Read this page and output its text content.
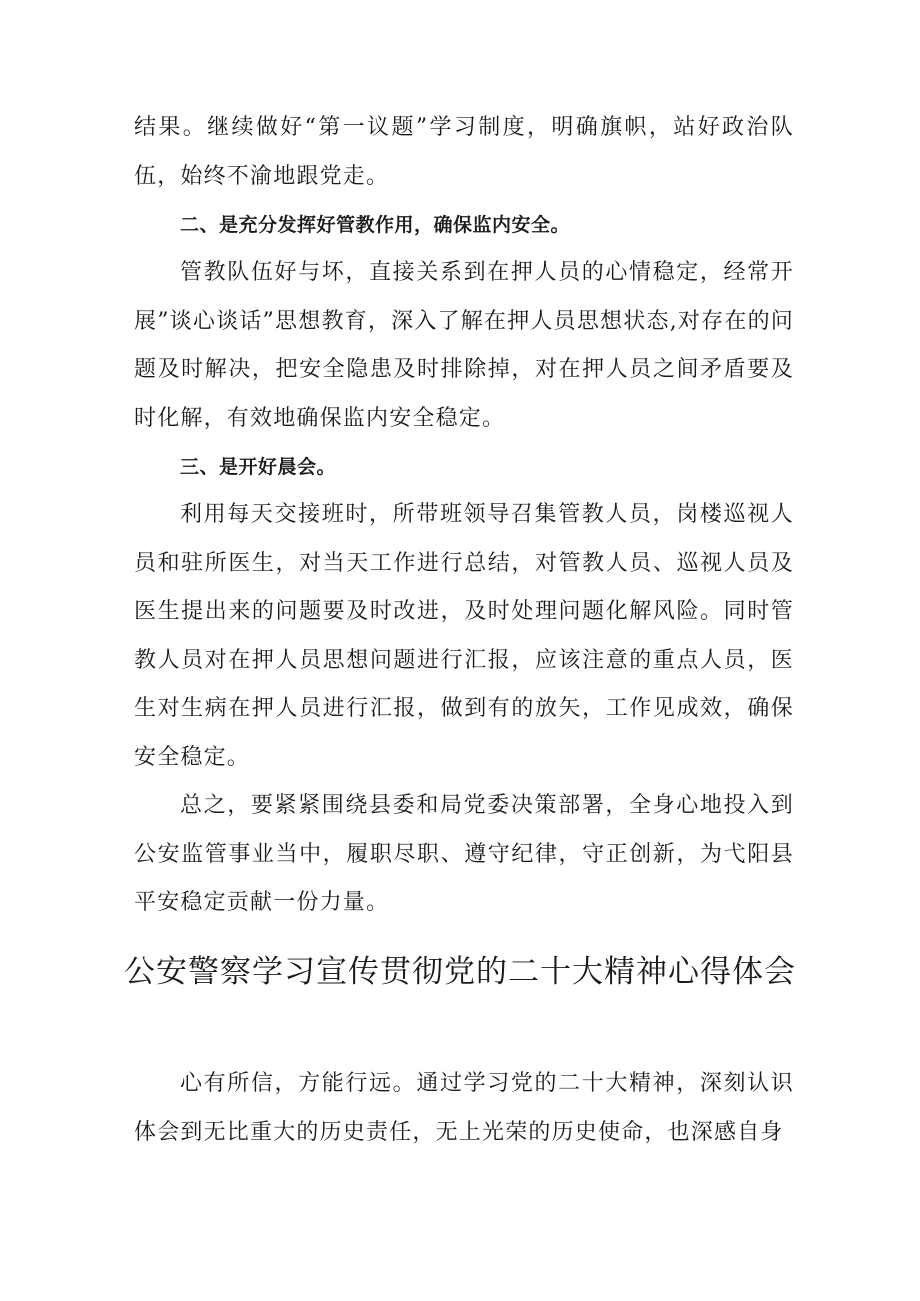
结果。继续做好“第一议题”学习制度，明确旗帜，站好政治队伍，始终不渝地跟党走。

二、是充分发挥好管教作用，确保监内安全。

管教队伍好与坏，直接关系到在押人员的心情稳定，经常开展”谈心谈话”思想教育，深入了解在押人员思想状态,对存在的问题及时解决，把安全隐患及时排除掉，对在押人员之间矛盾要及时化解，有效地确保监内安全稳定。

三、是开好晨会。

利用每天交接班时，所带班领导召集管教人员，岗楼巡视人员和驻所医生，对当天工作进行总结，对管教人员、巡视人员及医生提出来的问题要及时改进，及时处理问题化解风险。同时管教人员对在押人员思想问题进行汇报，应该注意的重点人员，医生对生病在押人员进行汇报，做到有的放矢，工作见成效，确保安全稳定。

总之，要紧紧围绕县委和局党委决策部署，全身心地投入到公安监管事业当中，履职尽职、遵守纪律，守正创新，为弋阳县平安稳定贡献一份力量。

公安警察学习宣传贯彻党的二十大精神心得体会

心有所信，方能行远。通过学习党的二十大精神，深刻认识体会到无比重大的历史责任，无上光荣的历史使命，也深感自身
